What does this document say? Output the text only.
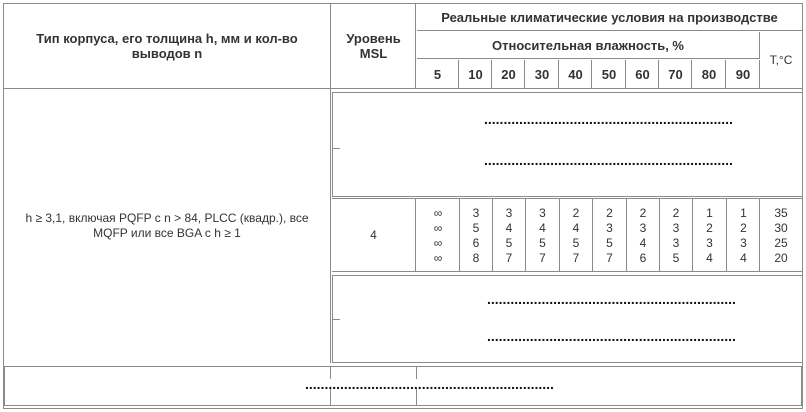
Тип корпуса, его толщина h, мм и кол-во выводов n
Уровень MSL
Реальные климатические условия на производстве
Относительная влажность, %
T,°C
5 10 20 30 40 50 60 70 80 90
h ≥ 3,1, включая PQFP с n > 84, PLCC (квадр.), все MQFP или все BGA с h ≥ 1
................................................................
................................................................
4
∞
∞
∞
∞
3
5
6
8
3
4
5
7
3
4
5
7
2
4
5
7
2
3
5
7
2
3
4
6
2
3
3
5
1
2
3
4
1
2
3
4
35
30
25
20
................................................................
................................................................
................................................................
